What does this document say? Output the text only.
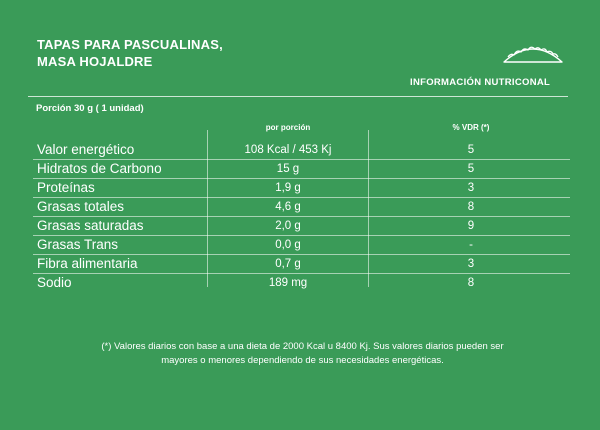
TAPAS PARA PASCUALINAS,
MASA HOJALDRE
INFORMACIÓN NUTRICONAL
Porción 30 g ( 1 unidad)
por porción	% VDR (*)
Valor energético	108 Kcal / 453 Kj	5
Hidratos de Carbono	15 g	5
Proteínas	1,9 g	3
Grasas totales	4,6 g	8
Grasas saturadas	2,0 g	9
Grasas Trans	0,0 g	-
Fibra alimentaria	0,7 g	3
Sodio	189 mg	8
(*) Valores diarios con base a una dieta de 2000 Kcal u 8400 Kj. Sus valores diarios pueden ser
mayores o menores dependiendo de sus necesidades energéticas.
